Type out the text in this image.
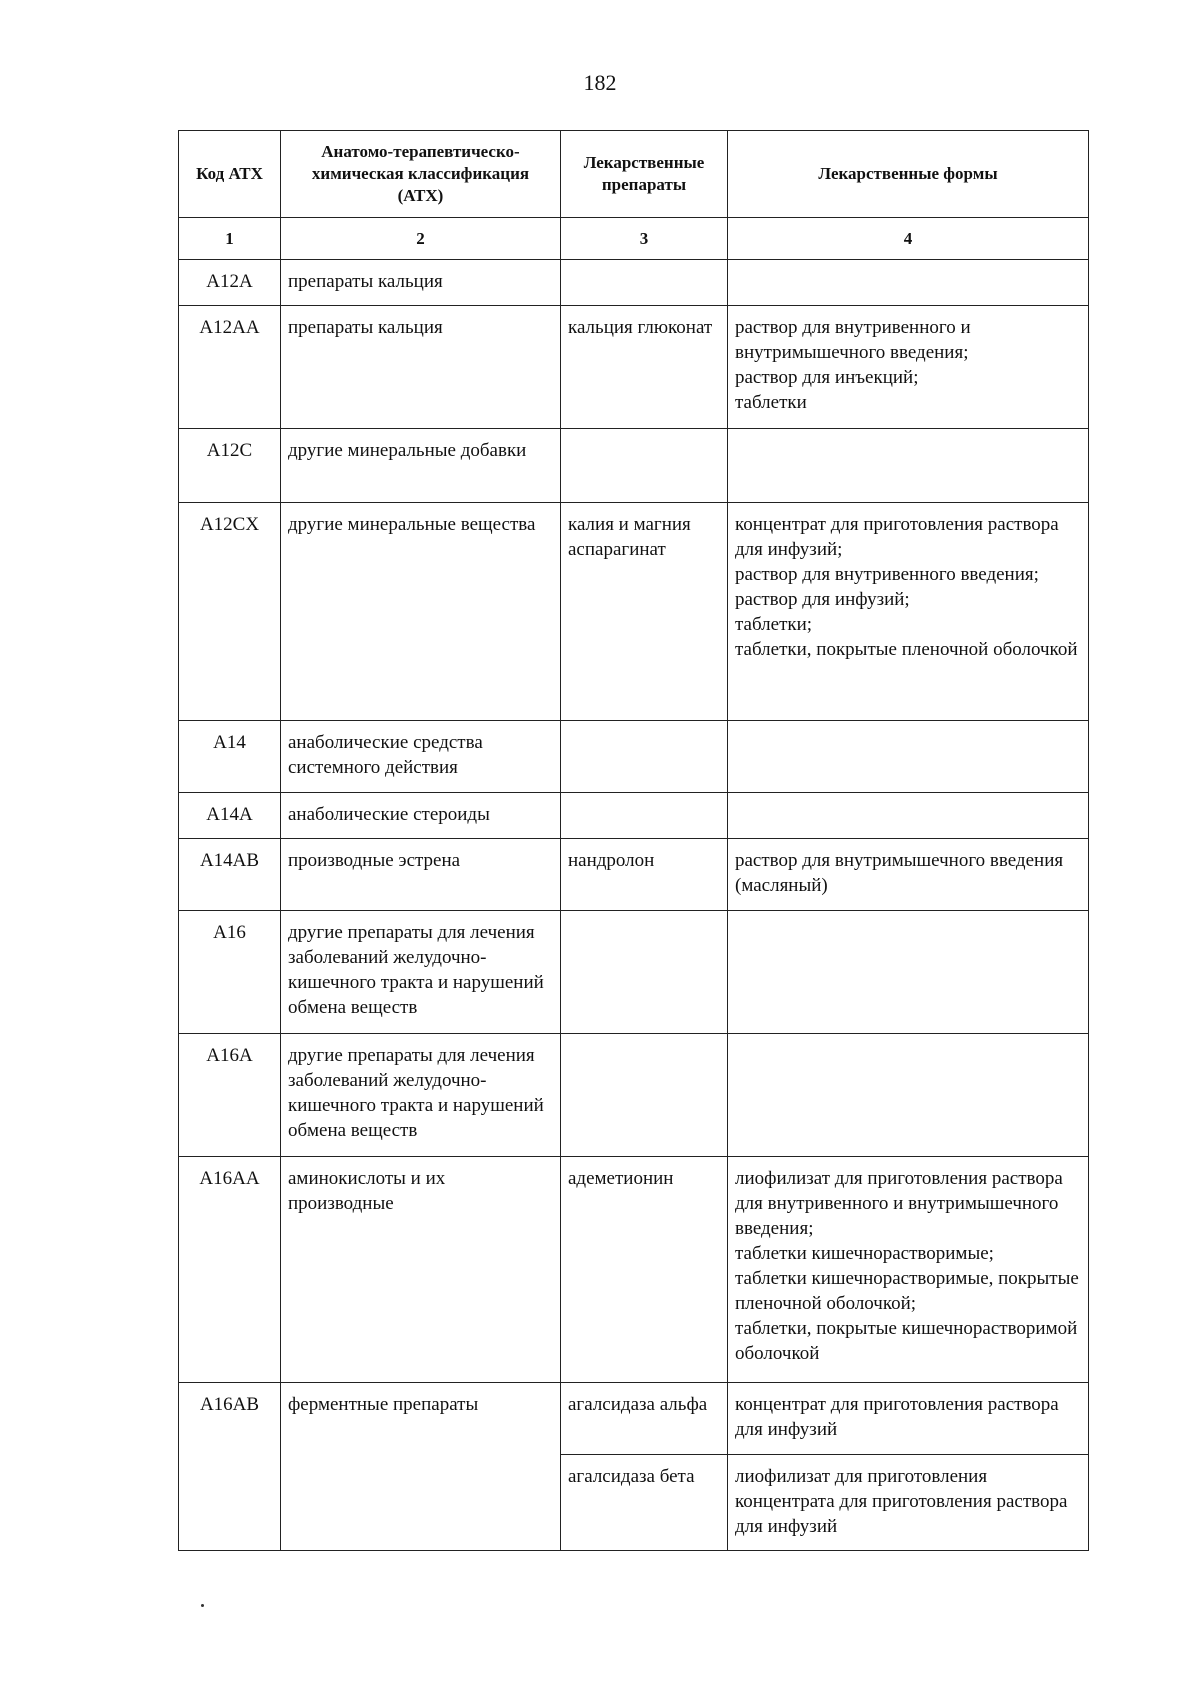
182
Код АТХ	Анатомо-терапевтическо-химическая классификация (АТХ)	Лекарственные препараты	Лекарственные формы
1	2	3	4
A12A	препараты кальция		
A12AA	препараты кальция	кальция глюконат	раствор для внутривенного и внутримышечного введения;
раствор для инъекций;
таблетки

A12C	другие минеральные добавки		
A12CX	другие минеральные вещества	калия и магния аспарагинат	концентрат для приготовления раствора для инфузий;
раствор для внутривенного введения;
раствор для инфузий;
таблетки;
таблетки, покрытые пленочной оболочкой

A14	анаболические средства системного действия		
A14A	анаболические стероиды		
A14AB	производные эстрена	нандролон	раствор для внутримышечного введения (масляный)

A16	другие препараты для лечения заболеваний желудочно-кишечного тракта и нарушений обмена веществ		
A16A	другие препараты для лечения заболеваний желудочно-кишечного тракта и нарушений обмена веществ		
A16AA	аминокислоты и их производные	адеметионин	лиофилизат для приготовления раствора для внутривенного и внутримышечного введения;
таблетки кишечнорастворимые;
таблетки кишечнорастворимые, покрытые пленочной оболочкой;
таблетки, покрытые кишечнорастворимой оболочкой

A16AB	ферментные препараты	агалсидаза альфа	концентрат для приготовления раствора для инфузий

		агалсидаза бета	лиофилизат для приготовления концентрата для приготовления раствора для инфузий
